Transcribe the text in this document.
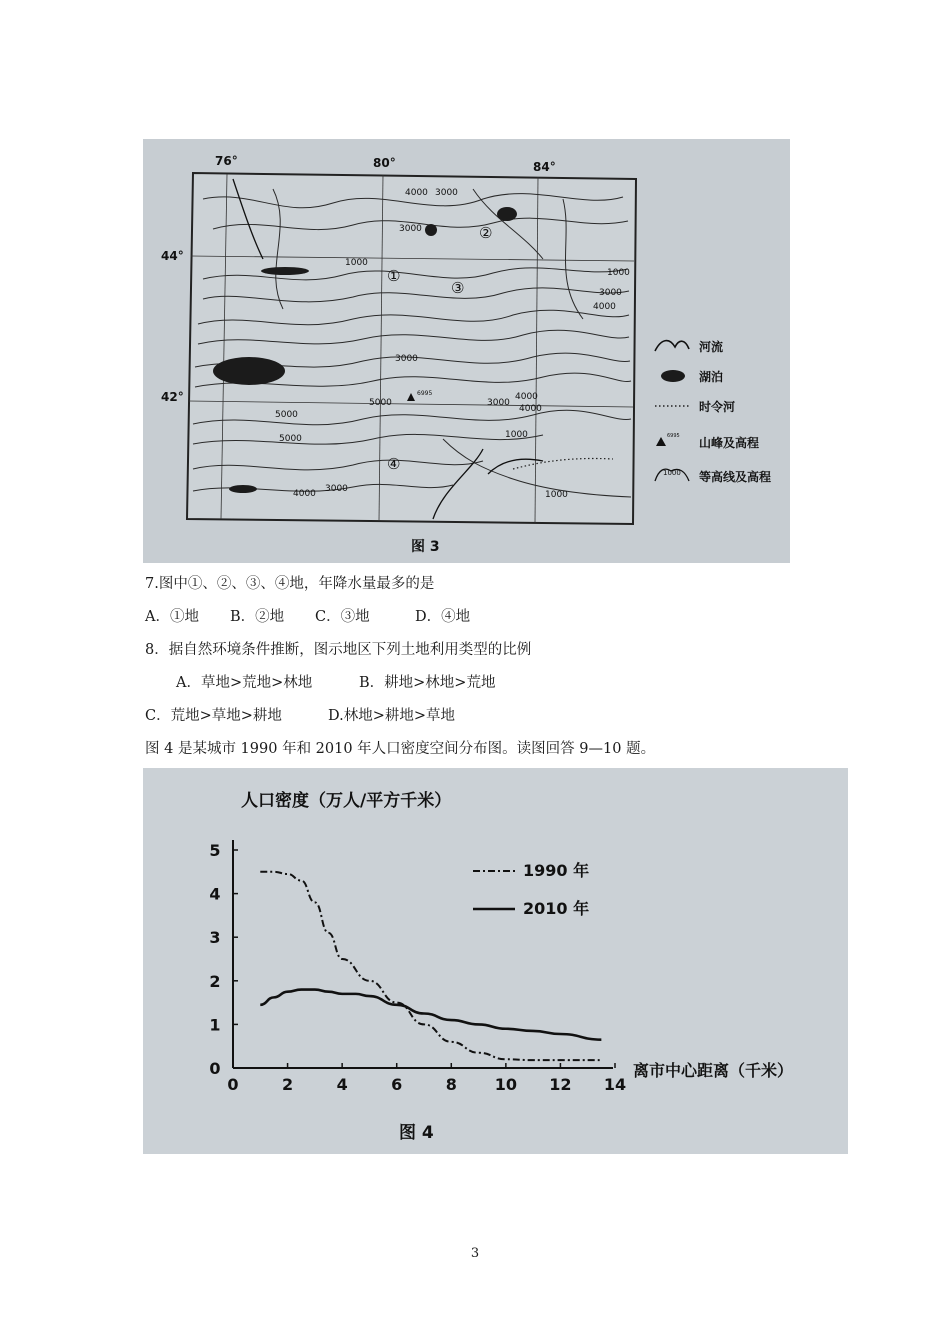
6995
76°	80°	84°
44°
42°
①
②
③
④
4000 3000
3000
1000
1000
3000
4000
3000
5000
5000
4000
1000
5000
4000 3000
1000
4000
3000
河流
湖泊
时令河
6995 山峰及高程
1000 等高线及高程
图 3
7.图中①、②、③、④地，年降水量最多的是
A．①地 B．②地 C．③地	D．④地
8．据自然环境条件推断，图示地区下列土地利用类型的比例
A．草地>荒地>林地	B．耕地>林地>荒地
C．荒地>草地>耕地	D.林地>耕地>草地
图 4 是某城市 1990 年和 2010 年人口密度空间分布图。读图回答 9—10 题。
人口密度（万人/平方千米）
离市中心距离（千米）
0	2	4	6	8 10 12 14
0
1
2
3
4
5
1990 年
2010 年
图 4
3
